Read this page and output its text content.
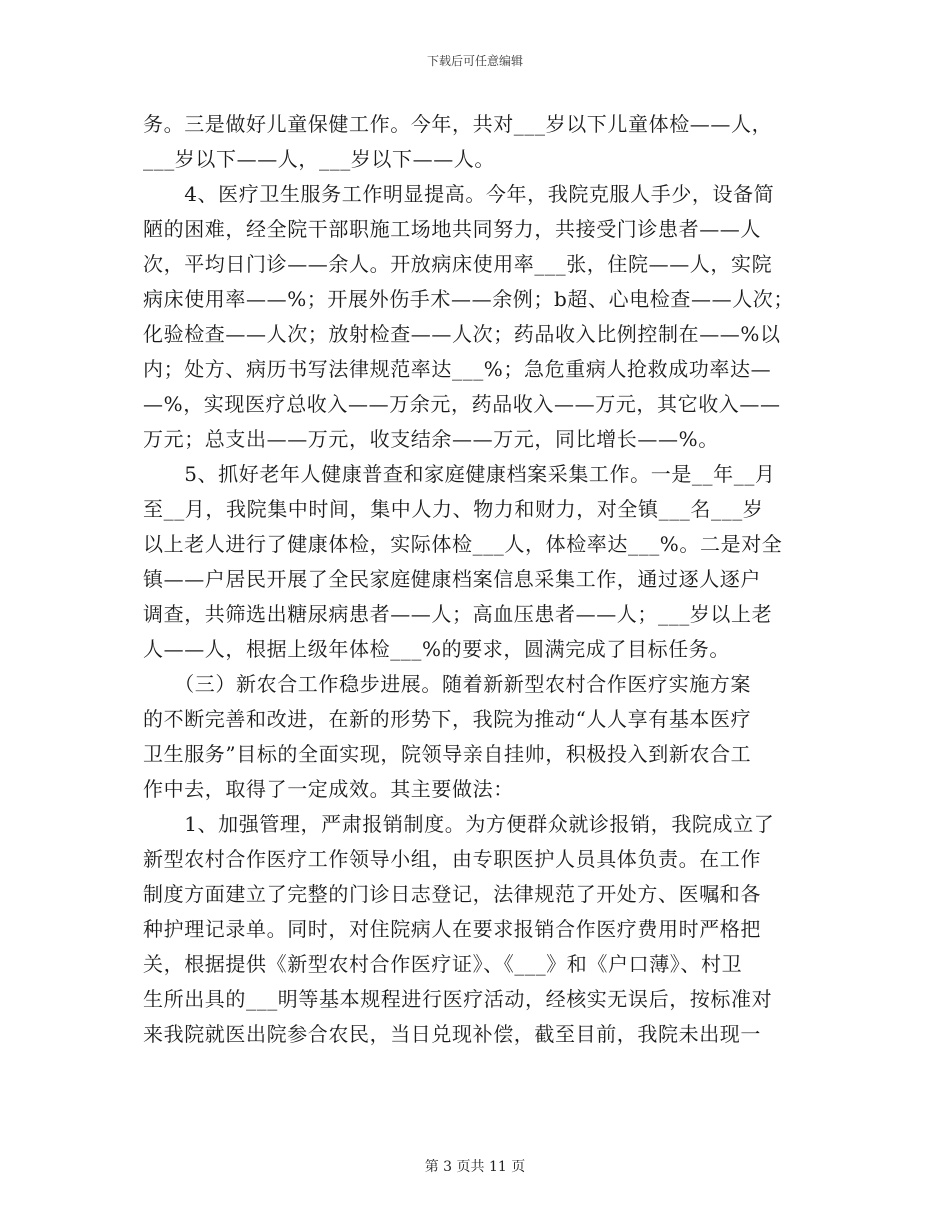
下载后可任意编辑
务。三是做好儿童保健工作。今年，共对___岁以下儿童体检——人，
___岁以下——人，___岁以下——人。
　　4、医疗卫生服务工作明显提高。今年，我院克服人手少，设备简
陋的困难，经全院干部职施工场地共同努力，共接受门诊患者——人
次，平均日门诊——余人。开放病床使用率___张，住院——人，实院
病床使用率——%；开展外伤手术——余例；b超、心电检查——人次；
化验检查——人次；放射检查——人次；药品收入比例控制在——%以
内；处方、病历书写法律规范率达___%；急危重病人抢救成功率达—
—%，实现医疗总收入——万余元，药品收入——万元，其它收入——
万元；总支出——万元，收支结余——万元，同比增长——%。
　　5、抓好老年人健康普查和家庭健康档案采集工作。一是__年__月
至__月，我院集中时间，集中人力、物力和财力，对全镇___名___岁
以上老人进行了健康体检，实际体检___人，体检率达___%。二是对全
镇——户居民开展了全民家庭健康档案信息采集工作，通过逐人逐户
调查，共筛选出糖尿病患者——人；高血压患者——人；___岁以上老
人——人，根据上级年体检___%的要求，圆满完成了目标任务。
　　（三）新农合工作稳步进展。随着新新型农村合作医疗实施方案
的不断完善和改进，在新的形势下，我院为推动“人人享有基本医疗
卫生服务”目标的全面实现，院领导亲自挂帅，积极投入到新农合工
作中去，取得了一定成效。其主要做法：
　　1、加强管理，严肃报销制度。为方便群众就诊报销，我院成立了
新型农村合作医疗工作领导小组，由专职医护人员具体负责。在工作
制度方面建立了完整的门诊日志登记，法律规范了开处方、医嘱和各
种护理记录单。同时，对住院病人在要求报销合作医疗费用时严格把
关，根据提供《新型农村合作医疗证》、《___》和《户口薄》、村卫
生所出具的___明等基本规程进行医疗活动，经核实无误后，按标准对
来我院就医出院参合农民，当日兑现补偿，截至目前，我院未出现一
第 3 页共 11 页
